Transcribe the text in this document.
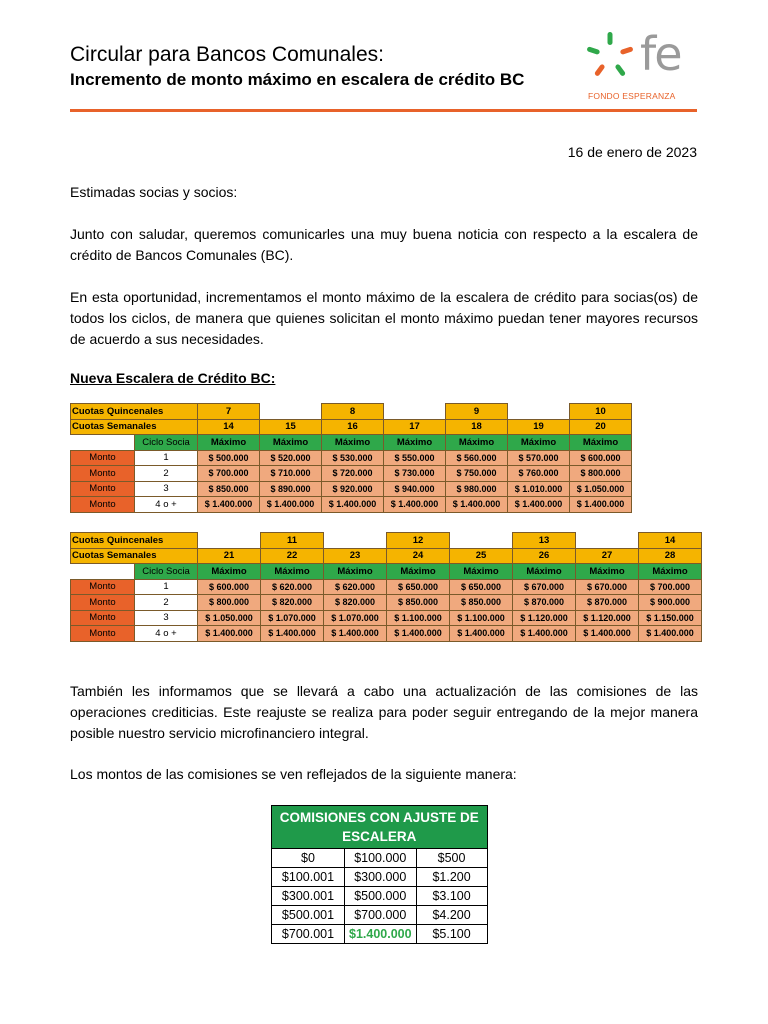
Circular para Bancos Comunales:
Incremento de monto máximo en escalera de crédito BC	fe
FONDO ESPERANZA
16 de enero de 2023
Estimadas socias y socios:
Junto con saludar, queremos comunicarles una muy buena noticia con respecto a la escalera de crédito de Bancos Comunales (BC).
En esta oportunidad, incrementamos el monto máximo de la escalera de crédito para socias(os) de todos los ciclos, de manera que quienes solicitan el monto máximo puedan tener mayores recursos de acuerdo a sus necesidades.
Nueva Escalera de Crédito BC:
Cuotas Quincenales		7		8		9		10
Cuotas Semanales		14	15	16	17	18	19	20
	Ciclo Socia	Máximo	Máximo	Máximo	Máximo	Máximo	Máximo	Máximo
Monto	1	$ 500.000	$ 520.000	$ 530.000	$ 550.000	$ 560.000	$ 570.000	$ 600.000
Monto	2	$ 700.000	$ 710.000	$ 720.000	$ 730.000	$ 750.000	$ 760.000	$ 800.000
Monto	3	$ 850.000	$ 890.000	$ 920.000	$ 940.000	$ 980.000	$ 1.010.000	$ 1.050.000
Monto	4 o +	$ 1.400.000	$ 1.400.000	$ 1.400.000	$ 1.400.000	$ 1.400.000	$ 1.400.000	$ 1.400.000
Cuotas Quincenales			11		12		13		14
Cuotas Semanales		21	22	23	24	25	26	27	28
	Ciclo Socia	Máximo	Máximo	Máximo	Máximo	Máximo	Máximo	Máximo	Máximo
Monto	1	$ 600.000	$ 620.000	$ 620.000	$ 650.000	$ 650.000	$ 670.000	$ 670.000	$ 700.000
Monto	2	$ 800.000	$ 820.000	$ 820.000	$ 850.000	$ 850.000	$ 870.000	$ 870.000	$ 900.000
Monto	3	$ 1.050.000	$ 1.070.000	$ 1.070.000	$ 1.100.000	$ 1.100.000	$ 1.120.000	$ 1.120.000	$ 1.150.000
Monto	4 o +	$ 1.400.000	$ 1.400.000	$ 1.400.000	$ 1.400.000	$ 1.400.000	$ 1.400.000	$ 1.400.000	$ 1.400.000
También les informamos que se llevará a cabo una actualización de las comisiones de las operaciones crediticias. Este reajuste se realiza para poder seguir entregando de la mejor manera posible nuestro servicio microfinanciero integral.
Los montos de las comisiones se ven reflejados de la siguiente manera:
COMISIONES CON AJUSTE DE ESCALERA		
$0	$100.000	$500
$100.001	$300.000	$1.200
$300.001	$500.000	$3.100
$500.001	$700.000	$4.200
$700.001	$1.400.000	$5.100
